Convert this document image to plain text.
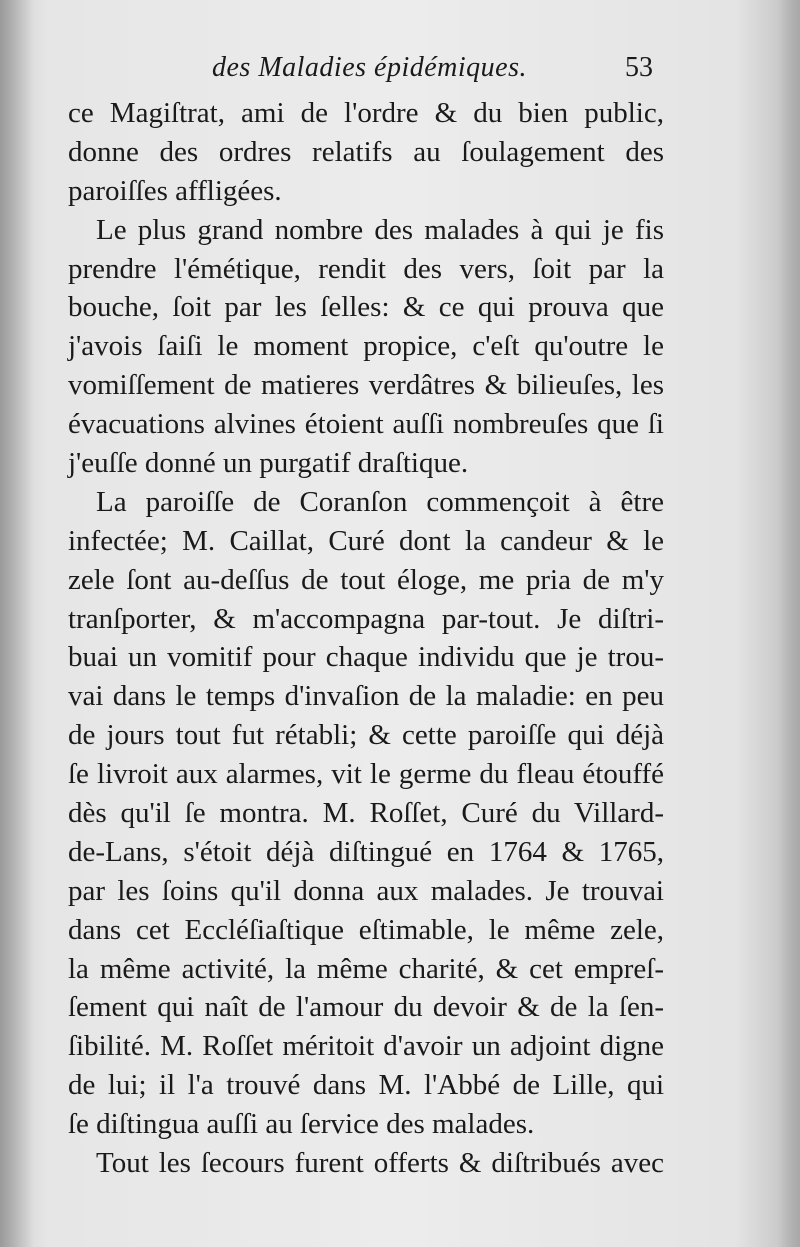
des Maladies épidémiques.	53
ce Magiſtrat, ami de l'ordre & du bien public,
donne des ordres relatifs au ſoulagement des
paroiſſes affligées.
Le plus grand nombre des malades à qui je fis
prendre l'émétique, rendit des vers, ſoit par la
bouche, ſoit par les ſelles: & ce qui prouva que
j'avois ſaiſi le moment propice, c'eſt qu'outre le
vomiſſement de matieres verdâtres & bilieuſes, les
évacuations alvines étoient auſſi nombreuſes que ſi
j'euſſe donné un purgatif draſtique.
La paroiſſe de Coranſon commençoit à être
infectée; M. Caillat, Curé dont la candeur & le
zele ſont au-deſſus de tout éloge, me pria de m'y
tranſporter, & m'accompagna par-tout. Je diſtri-
buai un vomitif pour chaque individu que je trou-
vai dans le temps d'invaſion de la maladie: en peu
de jours tout fut rétabli; & cette paroiſſe qui déjà
ſe livroit aux alarmes, vit le germe du fleau étouffé
dès qu'il ſe montra. M. Roſſet, Curé du Villard-
de-Lans, s'étoit déjà diſtingué en 1764 & 1765,
par les ſoins qu'il donna aux malades. Je trouvai
dans cet Eccléſiaſtique eſtimable, le même zele,
la même activité, la même charité, & cet empreſ-
ſement qui naît de l'amour du devoir & de la ſen-
ſibilité. M. Roſſet méritoit d'avoir un adjoint digne
de lui; il l'a trouvé dans M. l'Abbé de Lille, qui
ſe diſtingua auſſi au ſervice des malades.
Tout les ſecours furent offerts & diſtribués avec
